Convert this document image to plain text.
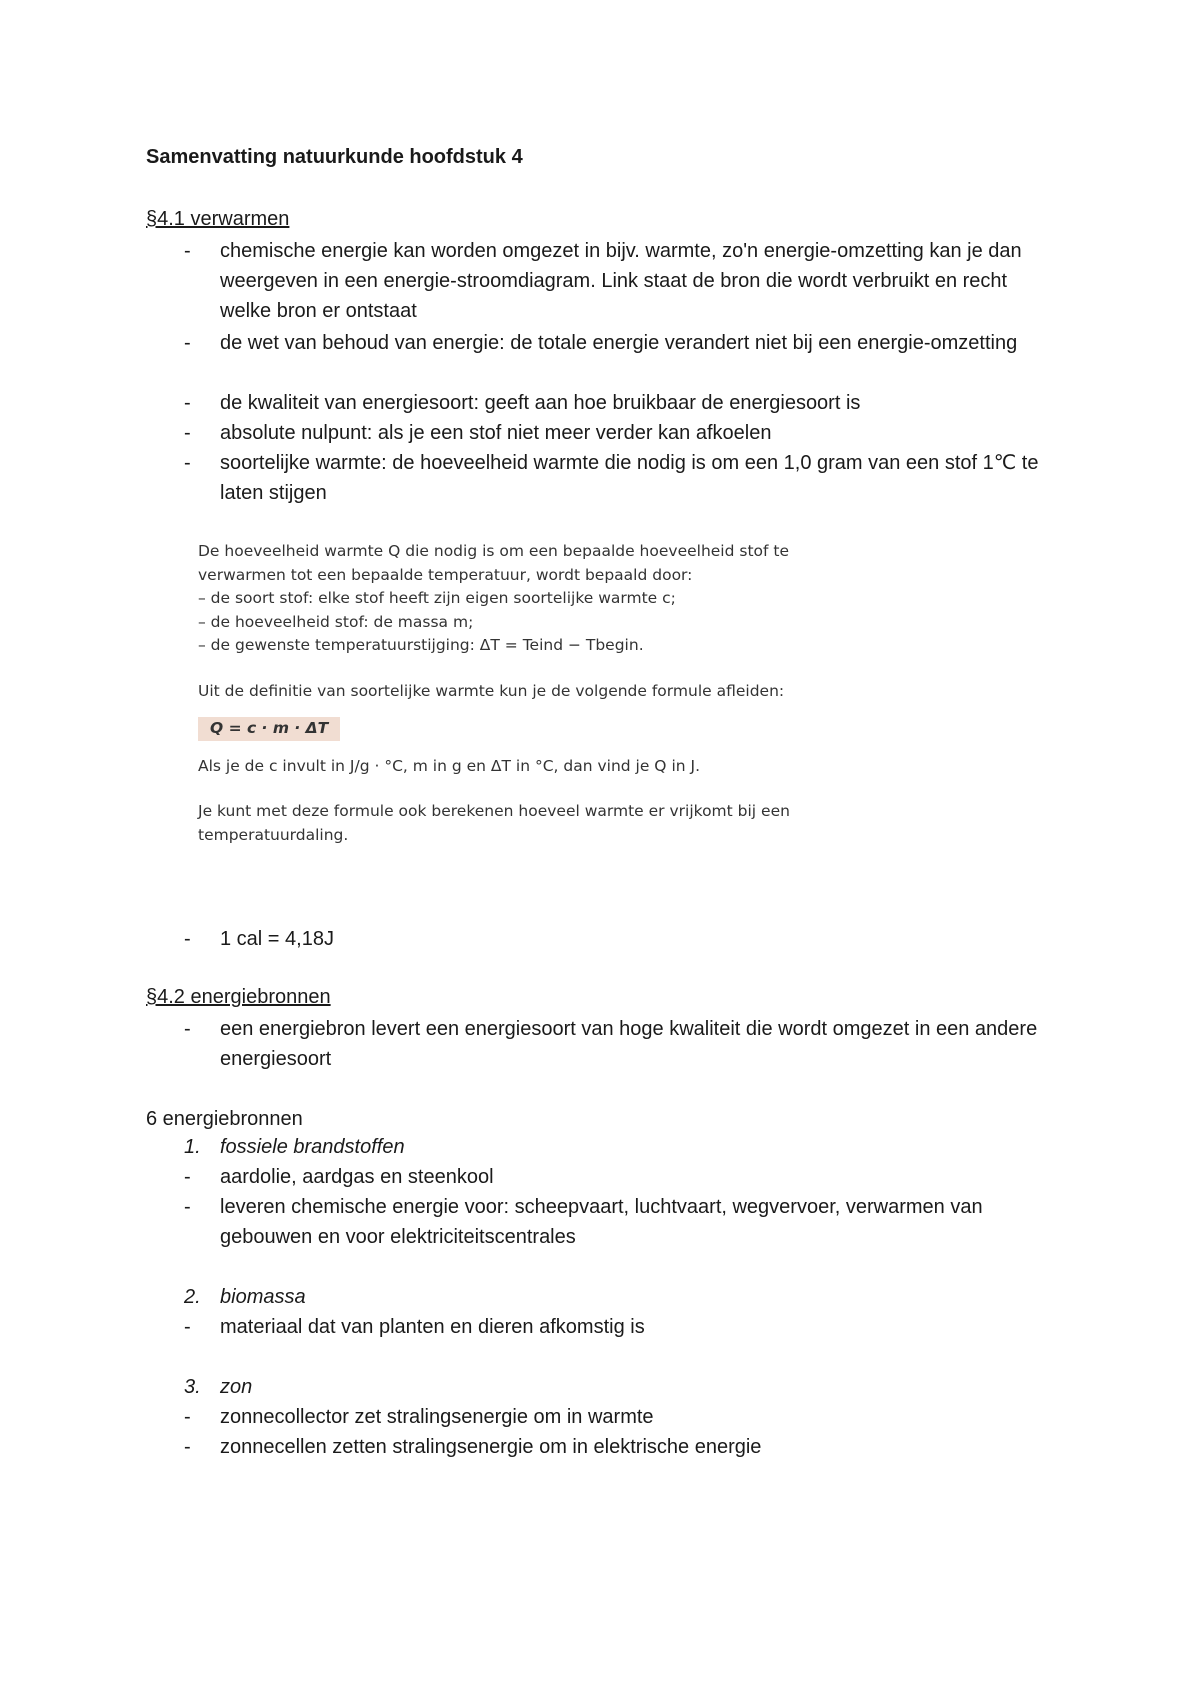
Samenvatting natuurkunde hoofdstuk 4
§4.1 verwarmen
- chemische energie kan worden omgezet in bijv. warmte, zo'n energie-omzetting kan je dan weergeven in een energie-stroomdiagram. Link staat de bron die wordt verbruikt en recht welke bron er ontstaat
- de wet van behoud van energie: de totale energie verandert niet bij een energie-omzetting
- de kwaliteit van energiesoort: geeft aan hoe bruikbaar de energiesoort is
- absolute nulpunt: als je een stof niet meer verder kan afkoelen
- soortelijke warmte: de hoeveelheid warmte die nodig is om een 1,0 gram van een stof 1℃ te laten stijgen

De hoeveelheid warmte Q die nodig is om een bepaalde hoeveelheid stof te verwarmen tot een bepaalde temperatuur, wordt bepaald door:

– de soort stof: elke stof heeft zijn eigen soortelijke warmte c;

– de hoeveelheid stof: de massa m;

– de gewenste temperatuurstijging: ΔT = Teind − Tbegin.

Uit de definitie van soortelijke warmte kun je de volgende formule afleiden:

Q = c · m · ΔT

Als je de c invult in J/g · °C, m in g en ΔT in °C, dan vind je Q in J.

Je kunt met deze formule ook berekenen hoeveel warmte er vrijkomt bij een temperatuurdaling.

- 1 cal = 4,18J
§4.2 energiebronnen
- een energiebron levert een energiesoort van hoge kwaliteit die wordt omgezet in een andere energiesoort
6 energiebronnen
1. fossiele brandstoffen
- aardolie, aardgas en steenkool
- leveren chemische energie voor: scheepvaart, luchtvaart, wegvervoer, verwarmen van gebouwen en voor elektriciteitscentrales
2. biomassa
- materiaal dat van planten en dieren afkomstig is
3. zon
- zonnecollector zet stralingsenergie om in warmte
- zonnecellen zetten stralingsenergie om in elektrische energie
